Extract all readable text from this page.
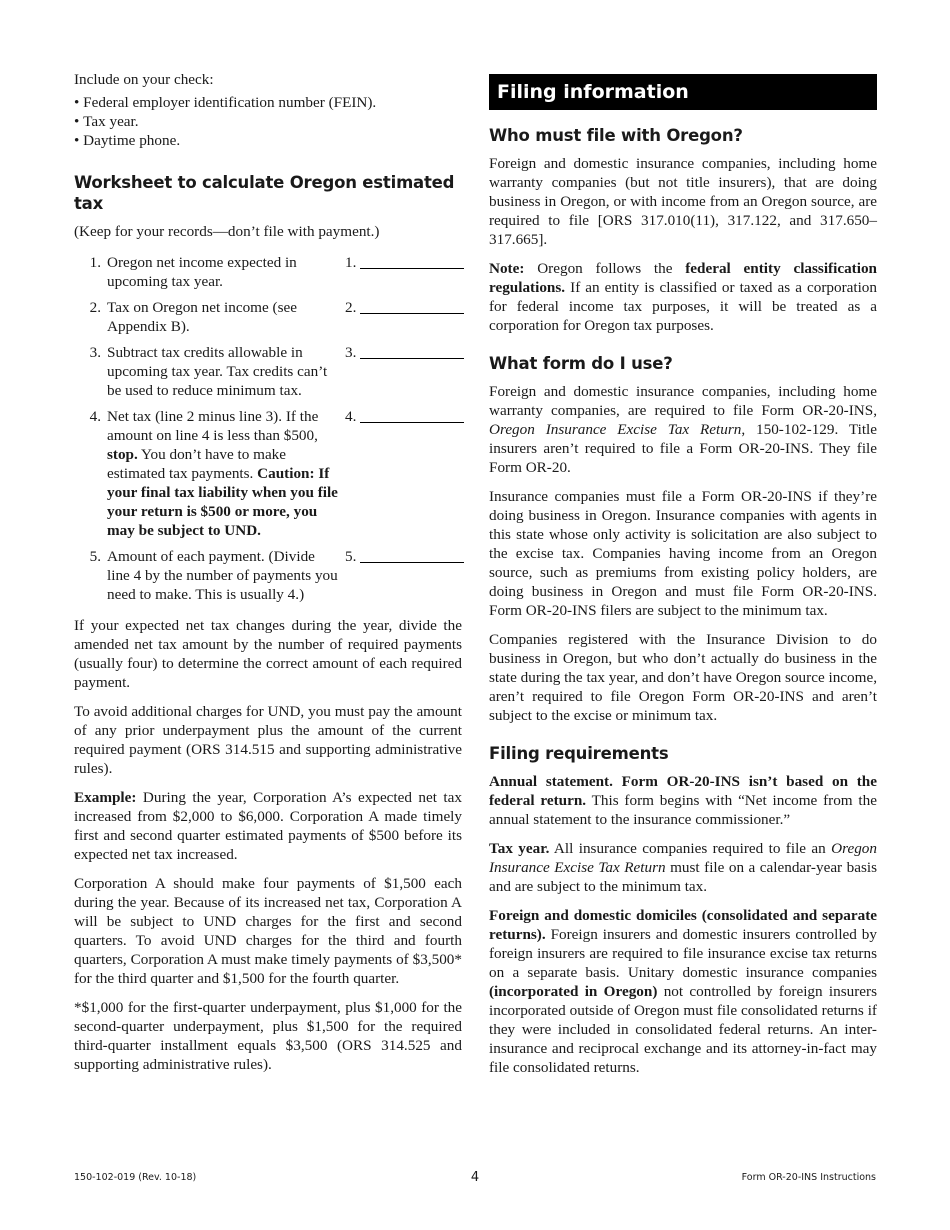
Include on your check:

• Federal employer identification number (FEIN).
• Tax year.
• Daytime phone.
Worksheet to calculate Oregon estimated tax

(Keep for your records—don’t file with payment.)

1. Oregon net income expected in upcoming tax year.
1.
2. Tax on Oregon net income (see Appendix B).
2.
3. Subtract tax credits allowable in upcoming tax year. Tax credits can’t be used to reduce minimum tax.
3.
4. Net tax (line 2 minus line 3). If the amount on line 4 is less than $500, stop. You don’t have to make estimated tax payments. Caution: If your final tax liability when you file your return is $500 or more, you may be subject to UND.
4.
5. Amount of each payment. (Divide line 4 by the number of payments you need to make. This is usually 4.)
5.

If your expected net tax changes during the year, divide the amended net tax amount by the number of required payments (usually four) to determine the correct amount of each required payment.

To avoid additional charges for UND, you must pay the amount of any prior underpayment plus the amount of the current required payment (ORS 314.515 and supporting administrative rules).

Example: During the year, Corporation A’s expected net tax increased from $2,000 to $6,000. Corporation A made timely first and second quarter estimated payments of $500 before its expected net tax increased.

Corporation A should make four payments of $1,500 each during the year. Because of its increased net tax, Corporation A will be subject to UND charges for the first and second quarters. To avoid UND charges for the third and fourth quarters, Corporation A must make timely payments of $3,500* for the third quarter and $1,500 for the fourth quarter.

*$1,000 for the first-quarter underpayment, plus $1,000 for the second-quarter underpayment, plus $1,500 for the required third-quarter installment equals $3,500 (ORS 314.525 and supporting administrative rules).

Filing information
Who must file with Oregon?

Foreign and domestic insurance companies, including home warranty companies (but not title insurers), that are doing business in Oregon, or with income from an Oregon source, are required to file [ORS 317.010(11), 317.122, and 317.650–317.665].

Note: Oregon follows the federal entity classification regulations. If an entity is classified or taxed as a corporation for federal income tax purposes, it will be treated as a corporation for Oregon tax purposes.

What form do I use?

Foreign and domestic insurance companies, including home warranty companies, are required to file Form OR-20-INS, Oregon Insurance Excise Tax Return, 150-102-129. Title insurers aren’t required to file a Form OR-20-INS. They file Form OR-20.

Insurance companies must file a Form OR-20-INS if they’re doing business in Oregon. Insurance companies with agents in this state whose only activity is solicitation are also subject to the excise tax. Companies having income from an Oregon source, such as premiums from existing policy holders, are doing business in Oregon and must file Form OR-20-INS. Form OR-20-INS filers are subject to the minimum tax.

Companies registered with the Insurance Division to do business in Oregon, but who don’t actually do business in the state during the tax year, and don’t have Oregon source income, aren’t required to file Oregon Form OR-20-INS and aren’t subject to the excise or minimum tax.

Filing requirements

Annual statement. Form OR-20-INS isn’t based on the federal return. This form begins with “Net income from the annual statement to the insurance commissioner.”

Tax year. All insurance companies required to file an Oregon Insurance Excise Tax Return must file on a calendar-year basis and are subject to the minimum tax.

Foreign and domestic domiciles (consolidated and separate returns). Foreign insurers and domestic insurers controlled by foreign insurers are required to file insurance excise tax returns on a separate basis. Unitary domestic insurance companies (incorporated in Oregon) not controlled by foreign insurers incorporated outside of Oregon must file consolidated returns if they were included in consolidated federal returns. An inter-insurance and reciprocal exchange and its attorney-in-fact may file consolidated returns.

150-102-019 (Rev. 10-18)	4	Form OR-20-INS Instructions
